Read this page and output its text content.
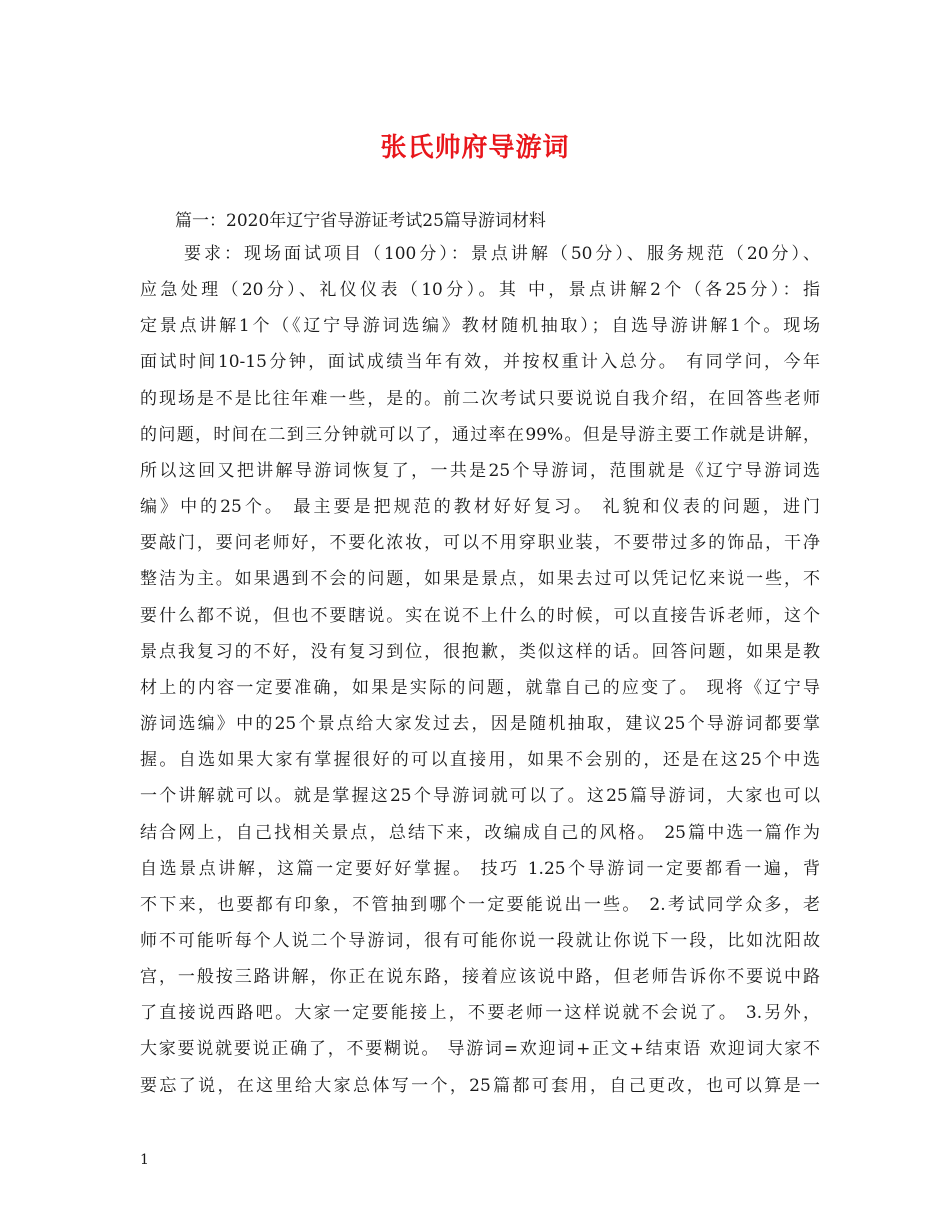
张氏帅府导游词
篇一：2020年辽宁省导游证考试25篇导游词材料
要求：现场面试项目（100分）：景点讲解（50分）、服务规范（20分）、
应急处理（20分）、礼仪仪表（10分）。其 中，景点讲解2个（各25分）：指
定景点讲解1个（《辽宁导游词选编》教材随机抽取）；自选导游讲解1个。现场
面试时间10-15分钟，面试成绩当年有效，并按权重计入总分。 有同学问，今年
的现场是不是比往年难一些，是的。前二次考试只要说说自我介绍，在回答些老师
的问题，时间在二到三分钟就可以了，通过率在99%。但是导游主要工作就是讲解，
所以这回又把讲解导游词恢复了，一共是25个导游词，范围就是《辽宁导游词选
编》中的25个。 最主要是把规范的教材好好复习。 礼貌和仪表的问题，进门
要敲门，要问老师好，不要化浓妆，可以不用穿职业装，不要带过多的饰品，干净
整洁为主。如果遇到不会的问题，如果是景点，如果去过可以凭记忆来说一些，不
要什么都不说，但也不要瞎说。实在说不上什么的时候，可以直接告诉老师，这个
景点我复习的不好，没有复习到位，很抱歉，类似这样的话。回答问题，如果是教
材上的内容一定要准确，如果是实际的问题，就靠自己的应变了。 现将《辽宁导
游词选编》中的25个景点给大家发过去，因是随机抽取，建议25个导游词都要掌
握。自选如果大家有掌握很好的可以直接用，如果不会别的，还是在这25个中选
一个讲解就可以。就是掌握这25个导游词就可以了。这25篇导游词，大家也可以
结合网上，自己找相关景点，总结下来，改编成自己的风格。 25篇中选一篇作为
自选景点讲解，这篇一定要好好掌握。 技巧 1.25个导游词一定要都看一遍，背
不下来，也要都有印象，不管抽到哪个一定要能说出一些。 2.考试同学众多，老
师不可能听每个人说二个导游词，很有可能你说一段就让你说下一段，比如沈阳故
宫，一般按三路讲解，你正在说东路，接着应该说中路，但老师告诉你不要说中路
了直接说西路吧。大家一定要能接上，不要老师一这样说就不会说了。 3.另外，
大家要说就要说正确了，不要糊说。 导游词=欢迎词+正文+结束语 欢迎词大家不
要忘了说，在这里给大家总体写一个，25篇都可套用，自己更改，也可以算是一
1
